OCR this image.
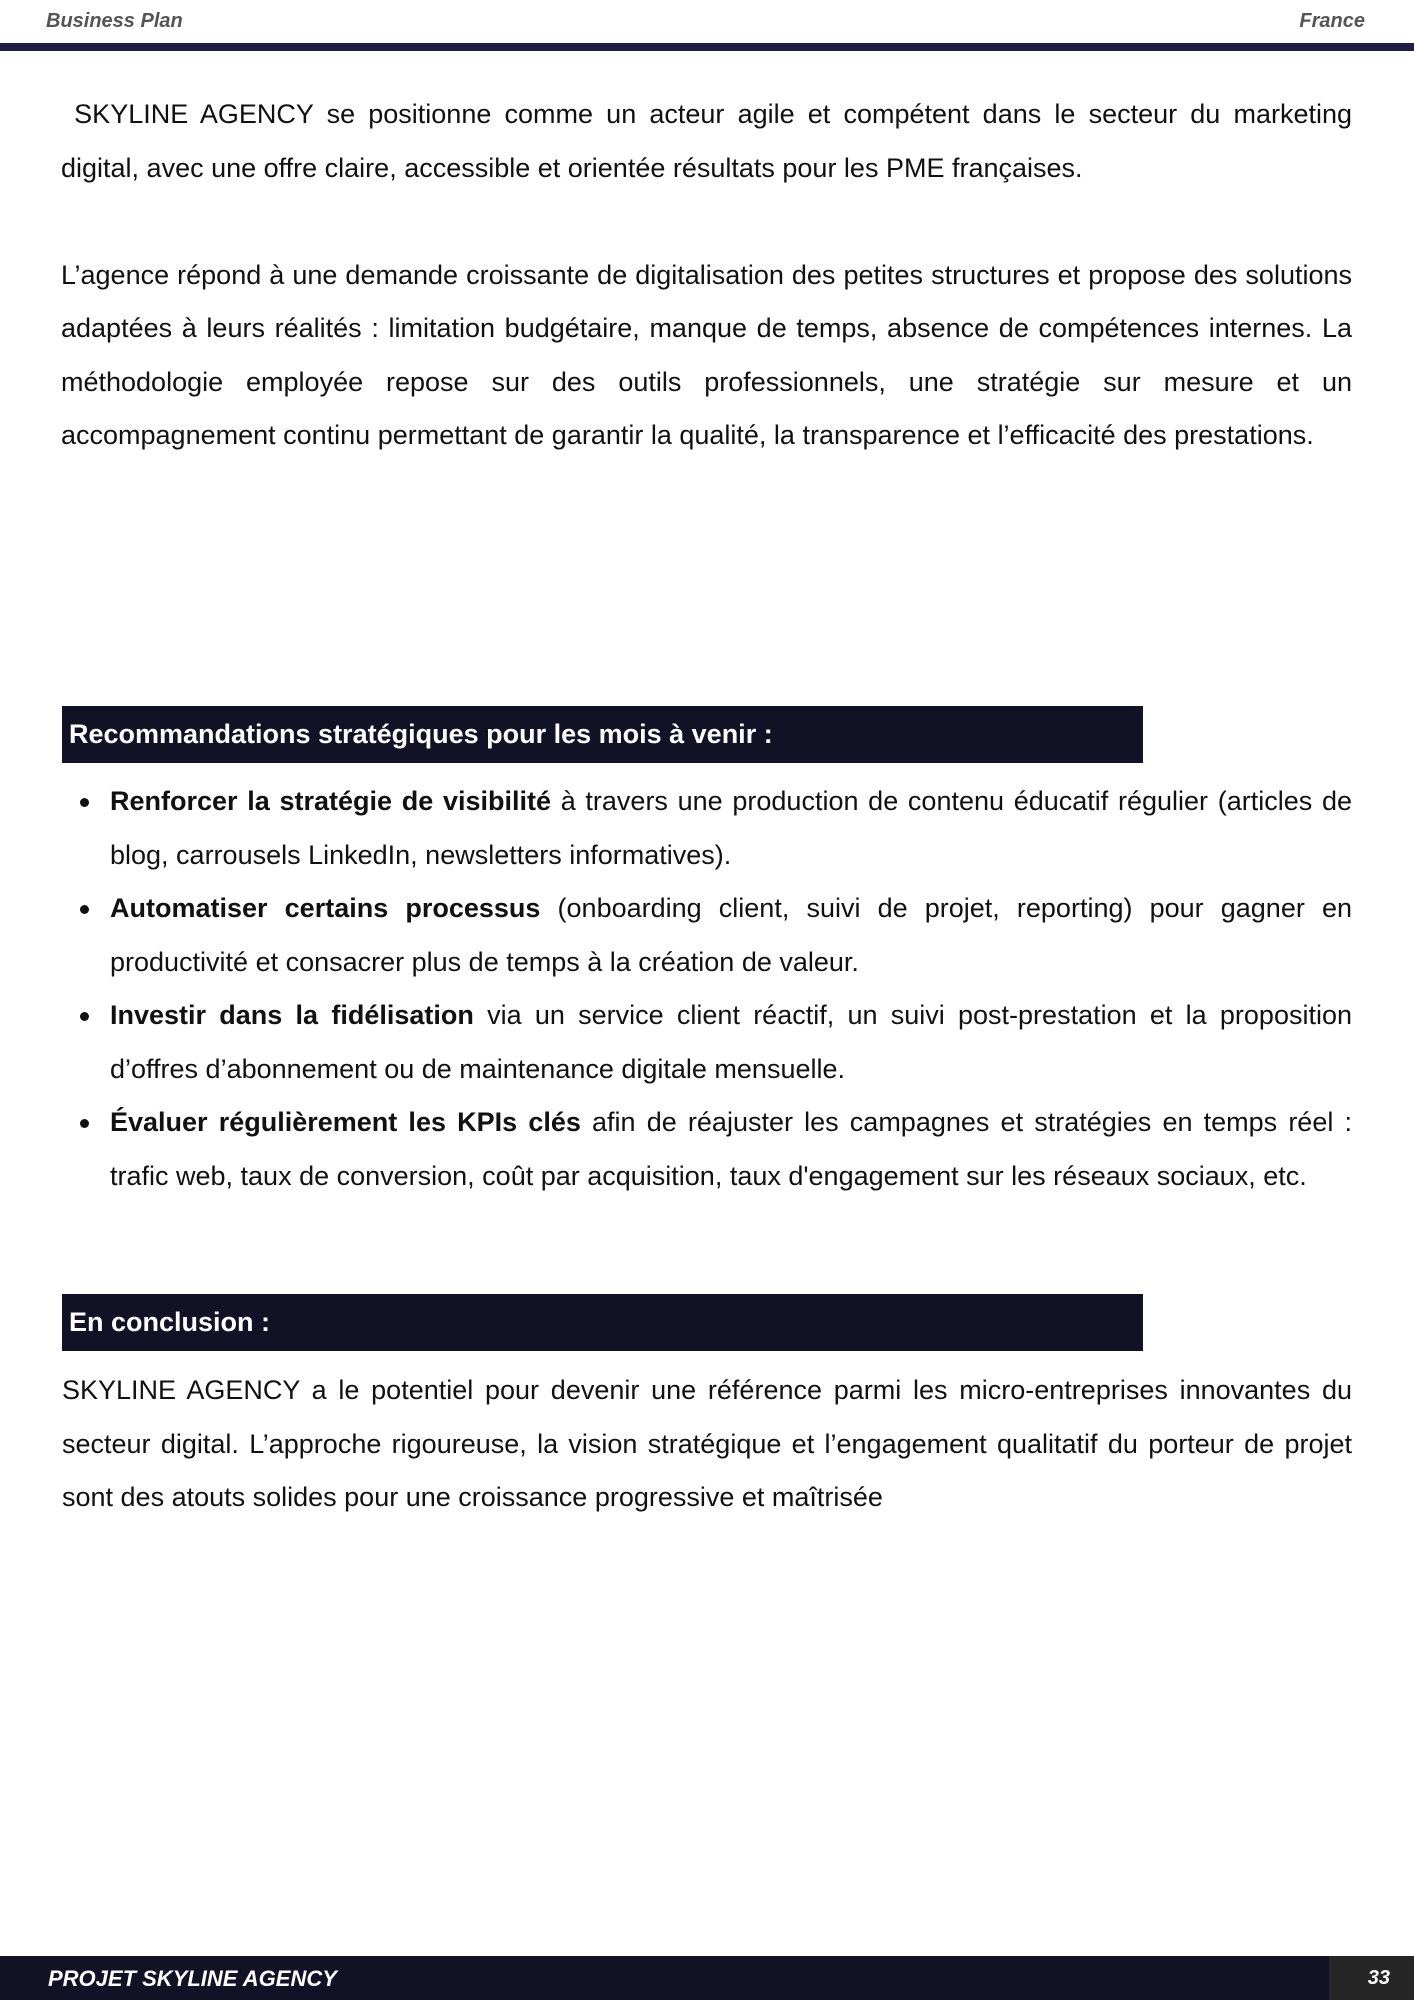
Business Plan	France

SKYLINE AGENCY se positionne comme un acteur agile et compétent dans le secteur du marketing digital, avec une offre claire, accessible et orientée résultats pour les PME françaises.

L’agence répond à une demande croissante de digitalisation des petites structures et propose des solutions adaptées à leurs réalités : limitation budgétaire, manque de temps, absence de compétences internes. La méthodologie employée repose sur des outils professionnels, une stratégie sur mesure et un accompagnement continu permettant de garantir la qualité, la transparence et l’efficacité des prestations.

Recommandations stratégiques pour les mois à venir :
Renforcer la stratégie de visibilité à travers une production de contenu éducatif régulier (articles de blog, carrousels LinkedIn, newsletters informatives).
Automatiser certains processus (onboarding client, suivi de projet, reporting) pour gagner en productivité et consacrer plus de temps à la création de valeur.
Investir dans la fidélisation via un service client réactif, un suivi post-prestation et la proposition d’offres d’abonnement ou de maintenance digitale mensuelle.
Évaluer régulièrement les KPIs clés afin de réajuster les campagnes et stratégies en temps réel : trafic web, taux de conversion, coût par acquisition, taux d'engagement sur les réseaux sociaux, etc.
En conclusion :

SKYLINE AGENCY a le potentiel pour devenir une référence parmi les micro-entreprises innovantes du secteur digital. L’approche rigoureuse, la vision stratégique et l’engagement qualitatif du porteur de projet sont des atouts solides pour une croissance progressive et maîtrisée

PROJET SKYLINE AGENCY	33
